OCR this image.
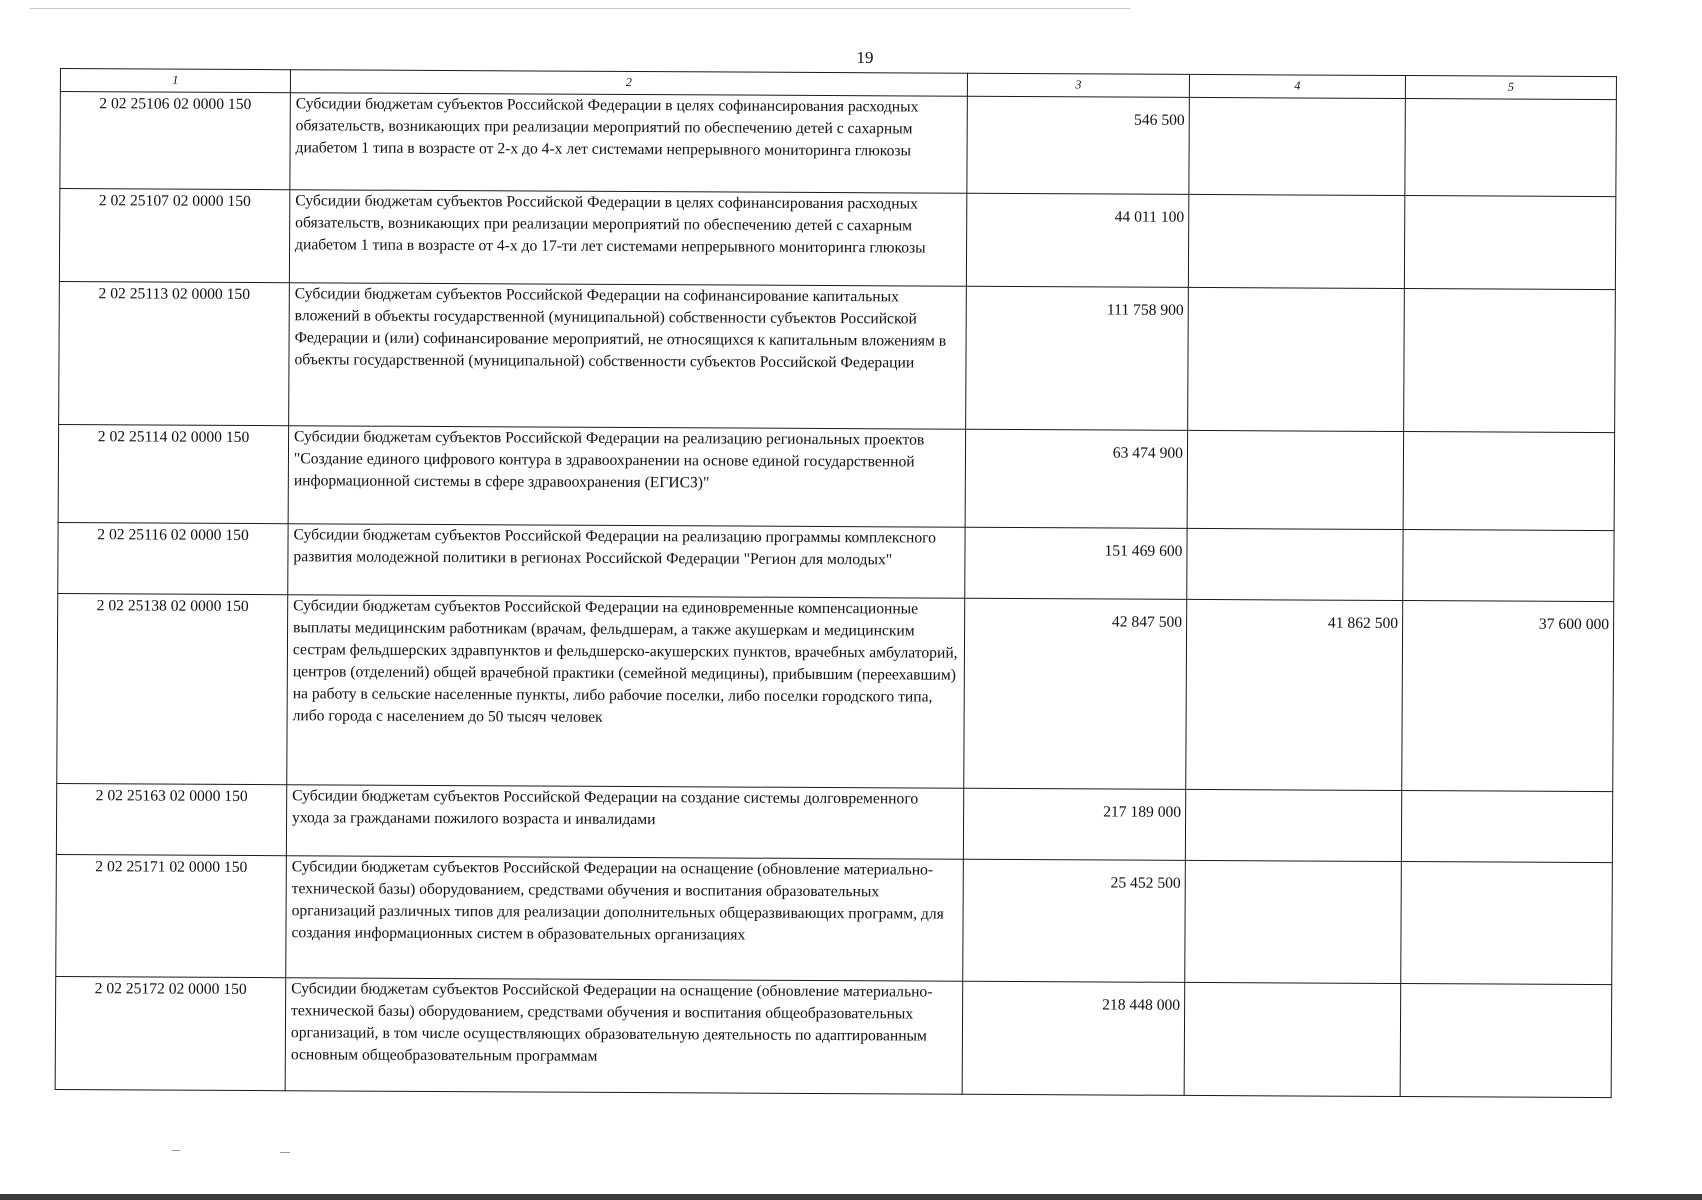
19
1	2	3	4	5
2 02 25106 02 0000 150	Субсидии бюджетам субъектов Российской Федерации в целях софинансирования расходных обязательств, возникающих при реализации мероприятий по обеспечению детей с сахарным диабетом 1 типа в возрасте от 2-х до 4-х лет системами непрерывного мониторинга глюкозы	546 500		
2 02 25107 02 0000 150	Субсидии бюджетам субъектов Российской Федерации в целях софинансирования расходных обязательств, возникающих при реализации мероприятий по обеспечению детей с сахарным диабетом 1 типа в возрасте от 4-х до 17-ти лет системами непрерывного мониторинга глюкозы	44 011 100		
2 02 25113 02 0000 150	Субсидии бюджетам субъектов Российской Федерации на софинансирование капитальных вложений в объекты государственной (муниципальной) собственности субъектов Российской Федерации и (или) софинансирование мероприятий, не относящихся к капитальным вложениям в объекты государственной (муниципальной) собственности субъектов Российской Федерации	111 758 900		
2 02 25114 02 0000 150	Субсидии бюджетам субъектов Российской Федерации на реализацию региональных проектов "Создание единого цифрового контура в здравоохранении на основе единой государственной информационной системы в сфере здравоохранения (ЕГИСЗ)"	63 474 900		
2 02 25116 02 0000 150	Субсидии бюджетам субъектов Российской Федерации на реализацию программы комплексного развития молодежной политики в регионах Российской Федерации "Регион для молодых"	151 469 600		
2 02 25138 02 0000 150	Субсидии бюджетам субъектов Российской Федерации на единовременные компенсационные выплаты медицинским работникам (врачам, фельдшерам, а также акушеркам и медицинским сестрам фельдшерских здравпунктов и фельдшерско-акушерских пунктов, врачебных амбулаторий, центров (отделений) общей врачебной практики (семейной медицины), прибывшим (переехавшим) на работу в сельские населенные пункты, либо рабочие поселки, либо поселки городского типа, либо города с населением до 50 тысяч человек	42 847 500	41 862 500	37 600 000
2 02 25163 02 0000 150	Субсидии бюджетам субъектов Российской Федерации на создание системы долговременного ухода за гражданами пожилого возраста и инвалидами	217 189 000		
2 02 25171 02 0000 150	Субсидии бюджетам субъектов Российской Федерации на оснащение (обновление материально-технической базы) оборудованием, средствами обучения и воспитания образовательных организаций различных типов для реализации дополнительных общеразвивающих программ, для создания информационных систем в образовательных организациях	25 452 500		
2 02 25172 02 0000 150	Субсидии бюджетам субъектов Российской Федерации на оснащение (обновление материально-технической базы) оборудованием, средствами обучения и воспитания общеобразовательных организаций, в том числе осуществляющих образовательную деятельность по адаптированным основным общеобразовательным программам	218 448 000		
